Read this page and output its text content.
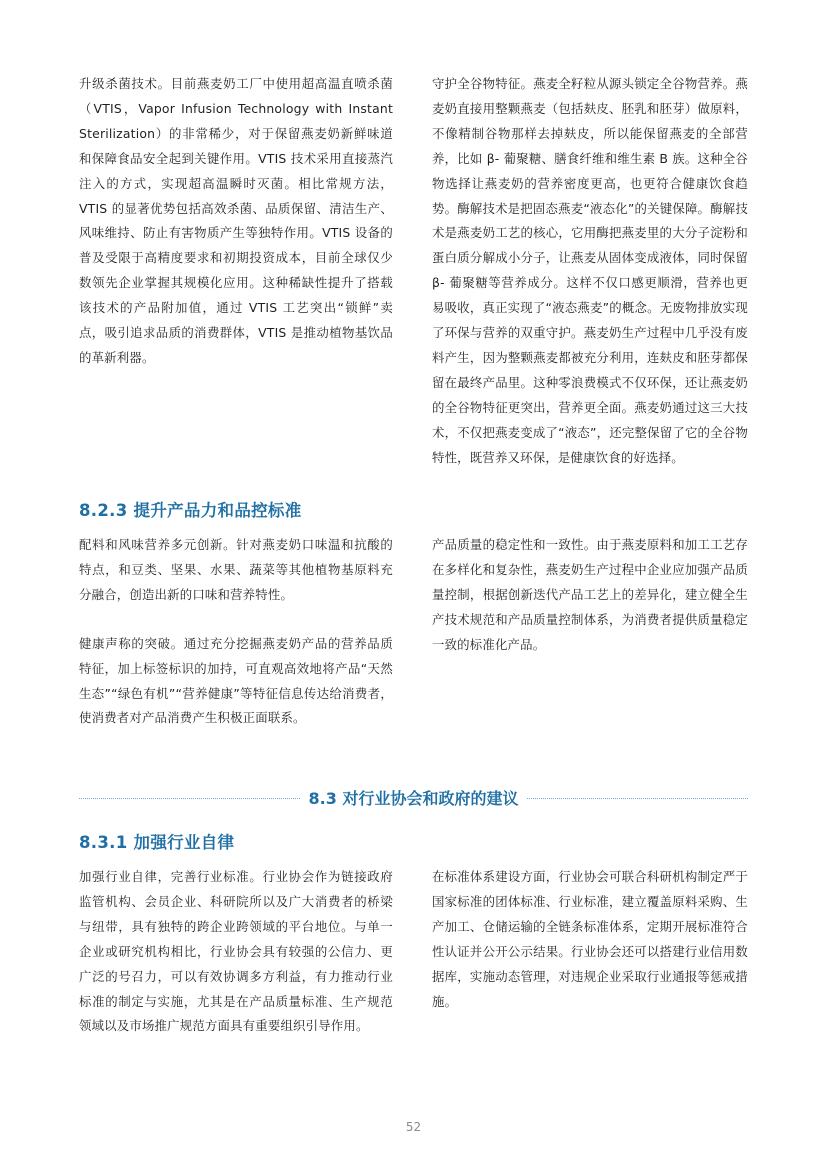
升级杀菌技术。目前燕麦奶工厂中使用超高温直喷杀菌（VTIS，Vapor Infusion Technology with Instant Sterilization）的非常稀少，对于保留燕麦奶新鲜味道和保障食品安全起到关键作用。VTIS 技术采用直接蒸汽注入的方式，实现超高温瞬时灭菌。相比常规方法，VTIS 的显著优势包括高效杀菌、品质保留、清洁生产、风味维持、防止有害物质产生等独特作用。VTIS 设备的普及受限于高精度要求和初期投资成本，目前全球仅少数领先企业掌握其规模化应用。这种稀缺性提升了搭载该技术的产品附加值，通过 VTIS 工艺突出“锁鲜”卖点，吸引追求品质的消费群体，VTIS 是推动植物基饮品的革新利器。

守护全谷物特征。燕麦全籽粒从源头锁定全谷物营养。燕麦奶直接用整颗燕麦（包括麸皮、胚乳和胚芽）做原料，不像精制谷物那样去掉麸皮，所以能保留燕麦的全部营养，比如 β- 葡聚糖、膳食纤维和维生素 B 族。这种全谷物选择让燕麦奶的营养密度更高，也更符合健康饮食趋势。酶解技术是把固态燕麦“液态化”的关键保障。酶解技术是燕麦奶工艺的核心，它用酶把燕麦里的大分子淀粉和蛋白质分解成小分子，让燕麦从固体变成液体，同时保留 β- 葡聚糖等营养成分。这样不仅口感更顺滑，营养也更易吸收，真正实现了“液态燕麦”的概念。无废物排放实现了环保与营养的双重守护。燕麦奶生产过程中几乎没有废料产生，因为整颗燕麦都被充分利用，连麸皮和胚芽都保留在最终产品里。这种零浪费模式不仅环保，还让燕麦奶的全谷物特征更突出，营养更全面。燕麦奶通过这三大技术，不仅把燕麦变成了“液态”，还完整保留了它的全谷物特性，既营养又环保，是健康饮食的好选择。

8.2.3 提升产品力和品控标准

配料和风味营养多元创新。针对燕麦奶口味温和抗酸的特点，和豆类、坚果、水果、蔬菜等其他植物基原料充分融合，创造出新的口味和营养特性。

健康声称的突破。通过充分挖掘燕麦奶产品的营养品质特征，加上标签标识的加持，可直观高效地将产品“天然生态”“绿色有机”“营养健康”等特征信息传达给消费者，使消费者对产品消费产生积极正面联系。

产品质量的稳定性和一致性。由于燕麦原料和加工工艺存在多样化和复杂性，燕麦奶生产过程中企业应加强产品质量控制，根据创新迭代产品工艺上的差异化，建立健全生产技术规范和产品质量控制体系，为消费者提供质量稳定一致的标准化产品。

8.3 对行业协会和政府的建议
8.3.1 加强行业自律

加强行业自律，完善行业标准。行业协会作为链接政府监管机构、会员企业、科研院所以及广大消费者的桥梁与纽带，具有独特的跨企业跨领域的平台地位。与单一企业或研究机构相比，行业协会具有较强的公信力、更广泛的号召力，可以有效协调多方利益，有力推动行业标准的制定与实施，尤其是在产品质量标准、生产规范领域以及市场推广规范方面具有重要组织引导作用。

在标准体系建设方面，行业协会可联合科研机构制定严于国家标准的团体标准、行业标准，建立覆盖原料采购、生产加工、仓储运输的全链条标准体系，定期开展标准符合性认证并公开公示结果。行业协会还可以搭建行业信用数据库，实施动态管理，对违规企业采取行业通报等惩戒措施。

52
